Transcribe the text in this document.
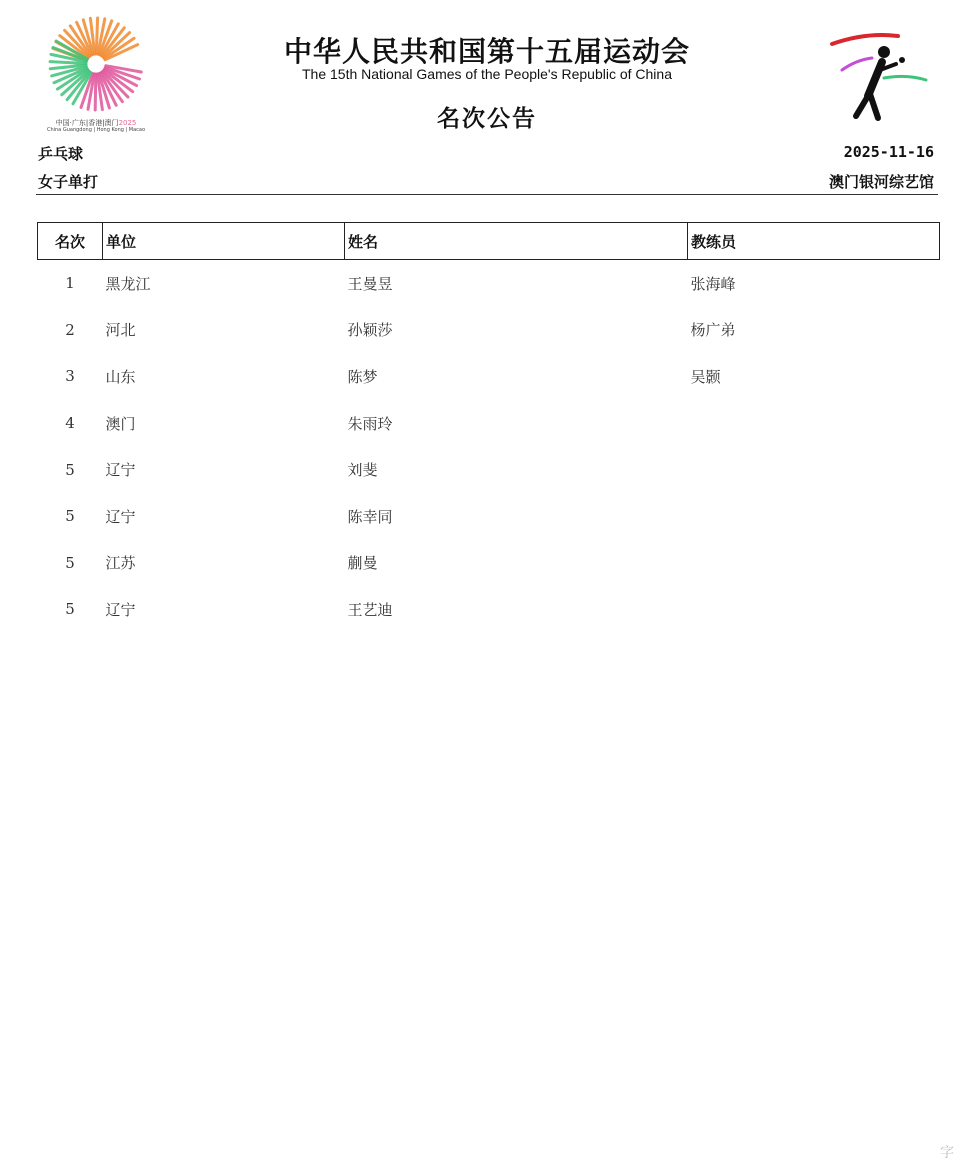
中国·广东|香港|澳门2025
China Guangdong | Hong Kong | Macao
中华人民共和国第十五届运动会
The 15th National Games of the People's Republic of China
名次公告
乒乓球
女子单打
2025-11-16
澳门银河综艺馆
名次	单位	姓名	教练员
1	黑龙江	王曼昱	张海峰
2	河北	孙颖莎	杨广弟
3	山东	陈梦	吴颢
4	澳门	朱雨玲	
5	辽宁	刘斐	
5	辽宁	陈幸同	
5	江苏	蒯曼	
5	辽宁	王艺迪	
字
